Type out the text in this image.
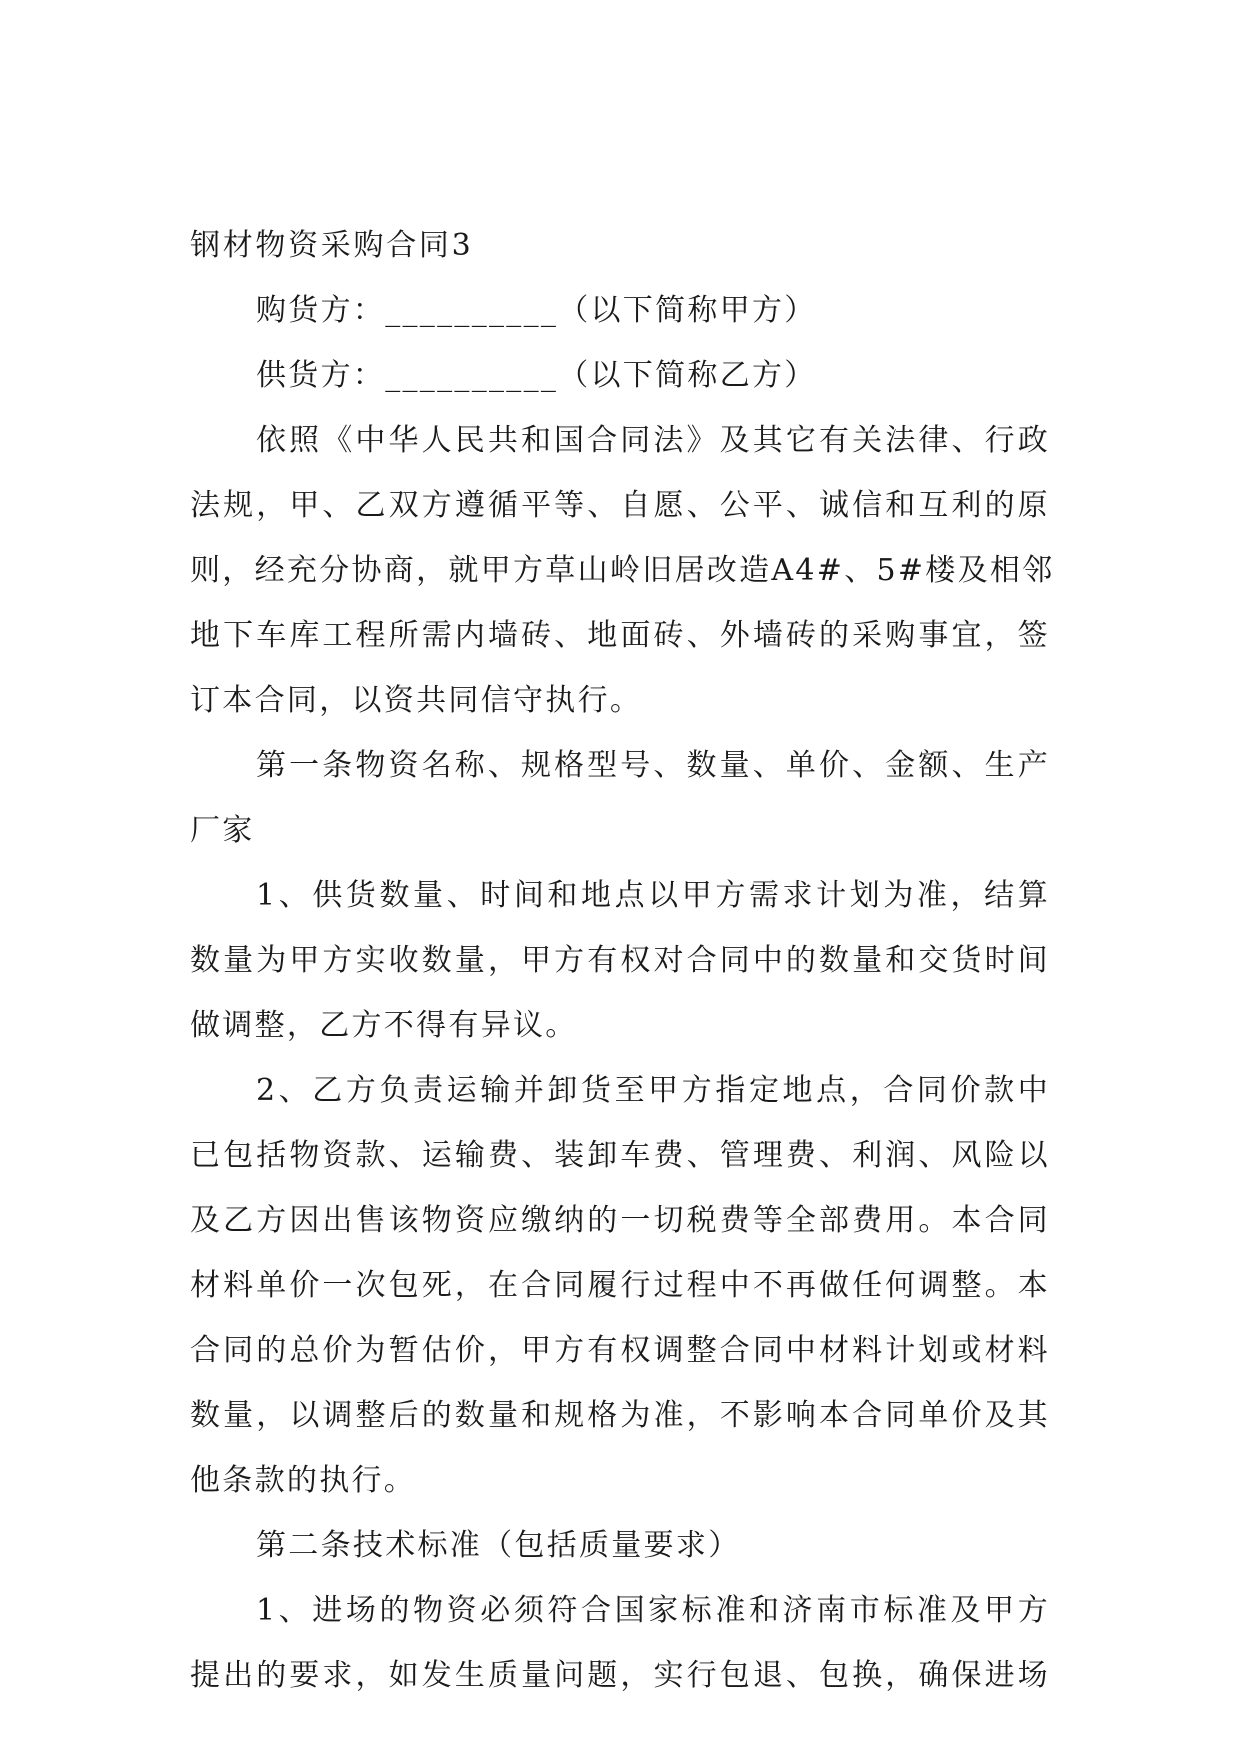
钢材物资采购合同3
购货方：__________（以下简称甲方）
供货方：__________（以下简称乙方）
依照《中华人民共和国合同法》及其它有关法律、行政
法规，甲、乙双方遵循平等、自愿、公平、诚信和互利的原
则，经充分协商，就甲方草山岭旧居改造A4#、5#楼及相邻
地下车库工程所需内墙砖、地面砖、外墙砖的采购事宜，签
订本合同，以资共同信守执行。
第一条物资名称、规格型号、数量、单价、金额、生产
厂家
1、供货数量、时间和地点以甲方需求计划为准，结算
数量为甲方实收数量，甲方有权对合同中的数量和交货时间
做调整，乙方不得有异议。
2、乙方负责运输并卸货至甲方指定地点，合同价款中
已包括物资款、运输费、装卸车费、管理费、利润、风险以
及乙方因出售该物资应缴纳的一切税费等全部费用。本合同
材料单价一次包死，在合同履行过程中不再做任何调整。本
合同的总价为暂估价，甲方有权调整合同中材料计划或材料
数量，以调整后的数量和规格为准，不影响本合同单价及其
他条款的执行。
第二条技术标准（包括质量要求）
1、进场的物资必须符合国家标准和济南市标准及甲方
提出的要求，如发生质量问题，实行包退、包换，确保进场
